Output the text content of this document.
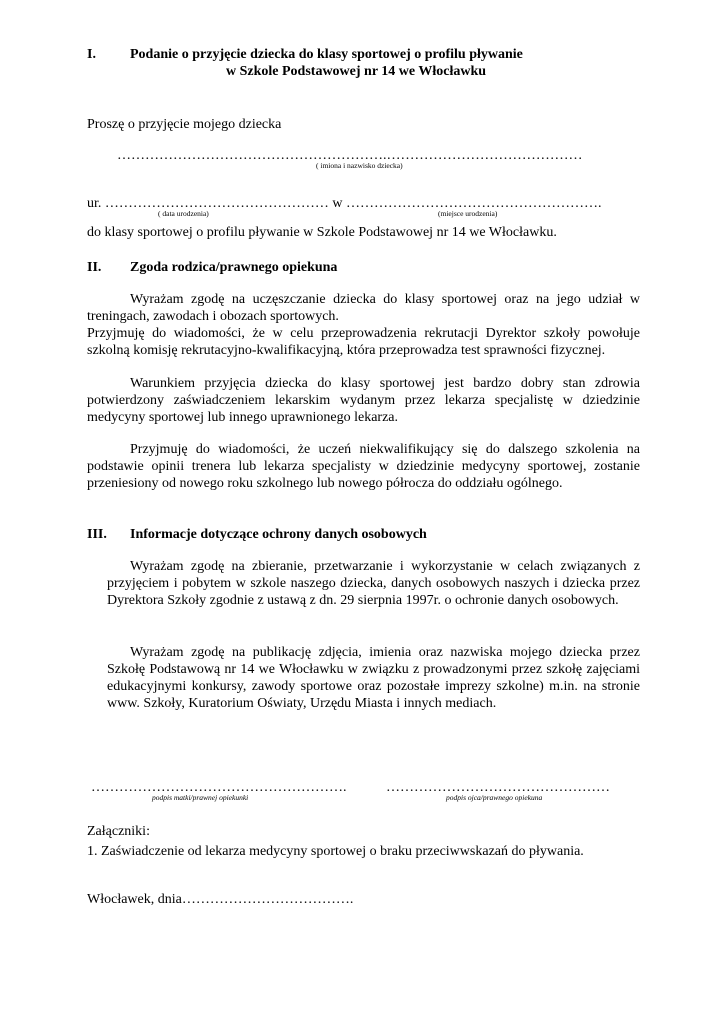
I. Podanie o przyjęcie dziecka do klasy sportowej o profilu pływanie
w Szkole Podstawowej nr 14 we Włocławku
Proszę o przyjęcie mojego dziecka
………………………………………………….……………………………………
( imiona i nazwisko dziecka)
ur. ………………………………………… w ……………………………………………….
( data urodzenia)	(miejsce urodzenia)
do klasy sportowej o profilu pływanie w Szkole Podstawowej nr 14 we Włocławku.
II. Zgoda rodzica/prawnego opiekuna

Wyrażam zgodę na uczęszczanie dziecka do klasy sportowej oraz na jego udział w treningach, zawodach i obozach sportowych.

Przyjmuję do wiadomości, że w celu przeprowadzenia rekrutacji Dyrektor szkoły powołuje szkolną komisję rekrutacyjno-kwalifikacyjną, która przeprowadza test sprawności fizycznej.

Warunkiem przyjęcia dziecka do klasy sportowej jest bardzo dobry stan zdrowia potwierdzony zaświadczeniem lekarskim wydanym przez lekarza specjalistę w dziedzinie medycyny sportowej lub innego uprawnionego lekarza.

Przyjmuję do wiadomości, że uczeń niekwalifikujący się do dalszego szkolenia na podstawie opinii trenera lub lekarza specjalisty w dziedzinie medycyny sportowej, zostanie przeniesiony od nowego roku szkolnego lub nowego półrocza do oddziału ogólnego.

III. Informacje dotyczące ochrony danych osobowych

Wyrażam zgodę na zbieranie, przetwarzanie i wykorzystanie w celach związanych z przyjęciem i pobytem w szkole naszego dziecka, danych osobowych naszych i dziecka przez Dyrektora Szkoły zgodnie z ustawą z dn. 29 sierpnia 1997r. o ochronie danych osobowych.

Wyrażam zgodę na publikację zdjęcia, imienia oraz nazwiska mojego dziecka przez Szkołę Podstawową nr 14 we Włocławku w związku z prowadzonymi przez szkołę zajęciami edukacyjnymi konkursy, zawody sportowe oraz pozostałe imprezy szkolne) m.in. na stronie www. Szkoły, Kuratorium Oświaty, Urzędu Miasta i innych mediach.

……………………………………………….
podpis matki/prawnej opiekunki
…………………………………………
podpis ojca/prawnego opiekuna
Załączniki:
1. Zaświadczenie od lekarza medycyny sportowej o braku przeciwwskazań do pływania.
Włocławek, dnia……………………………….
